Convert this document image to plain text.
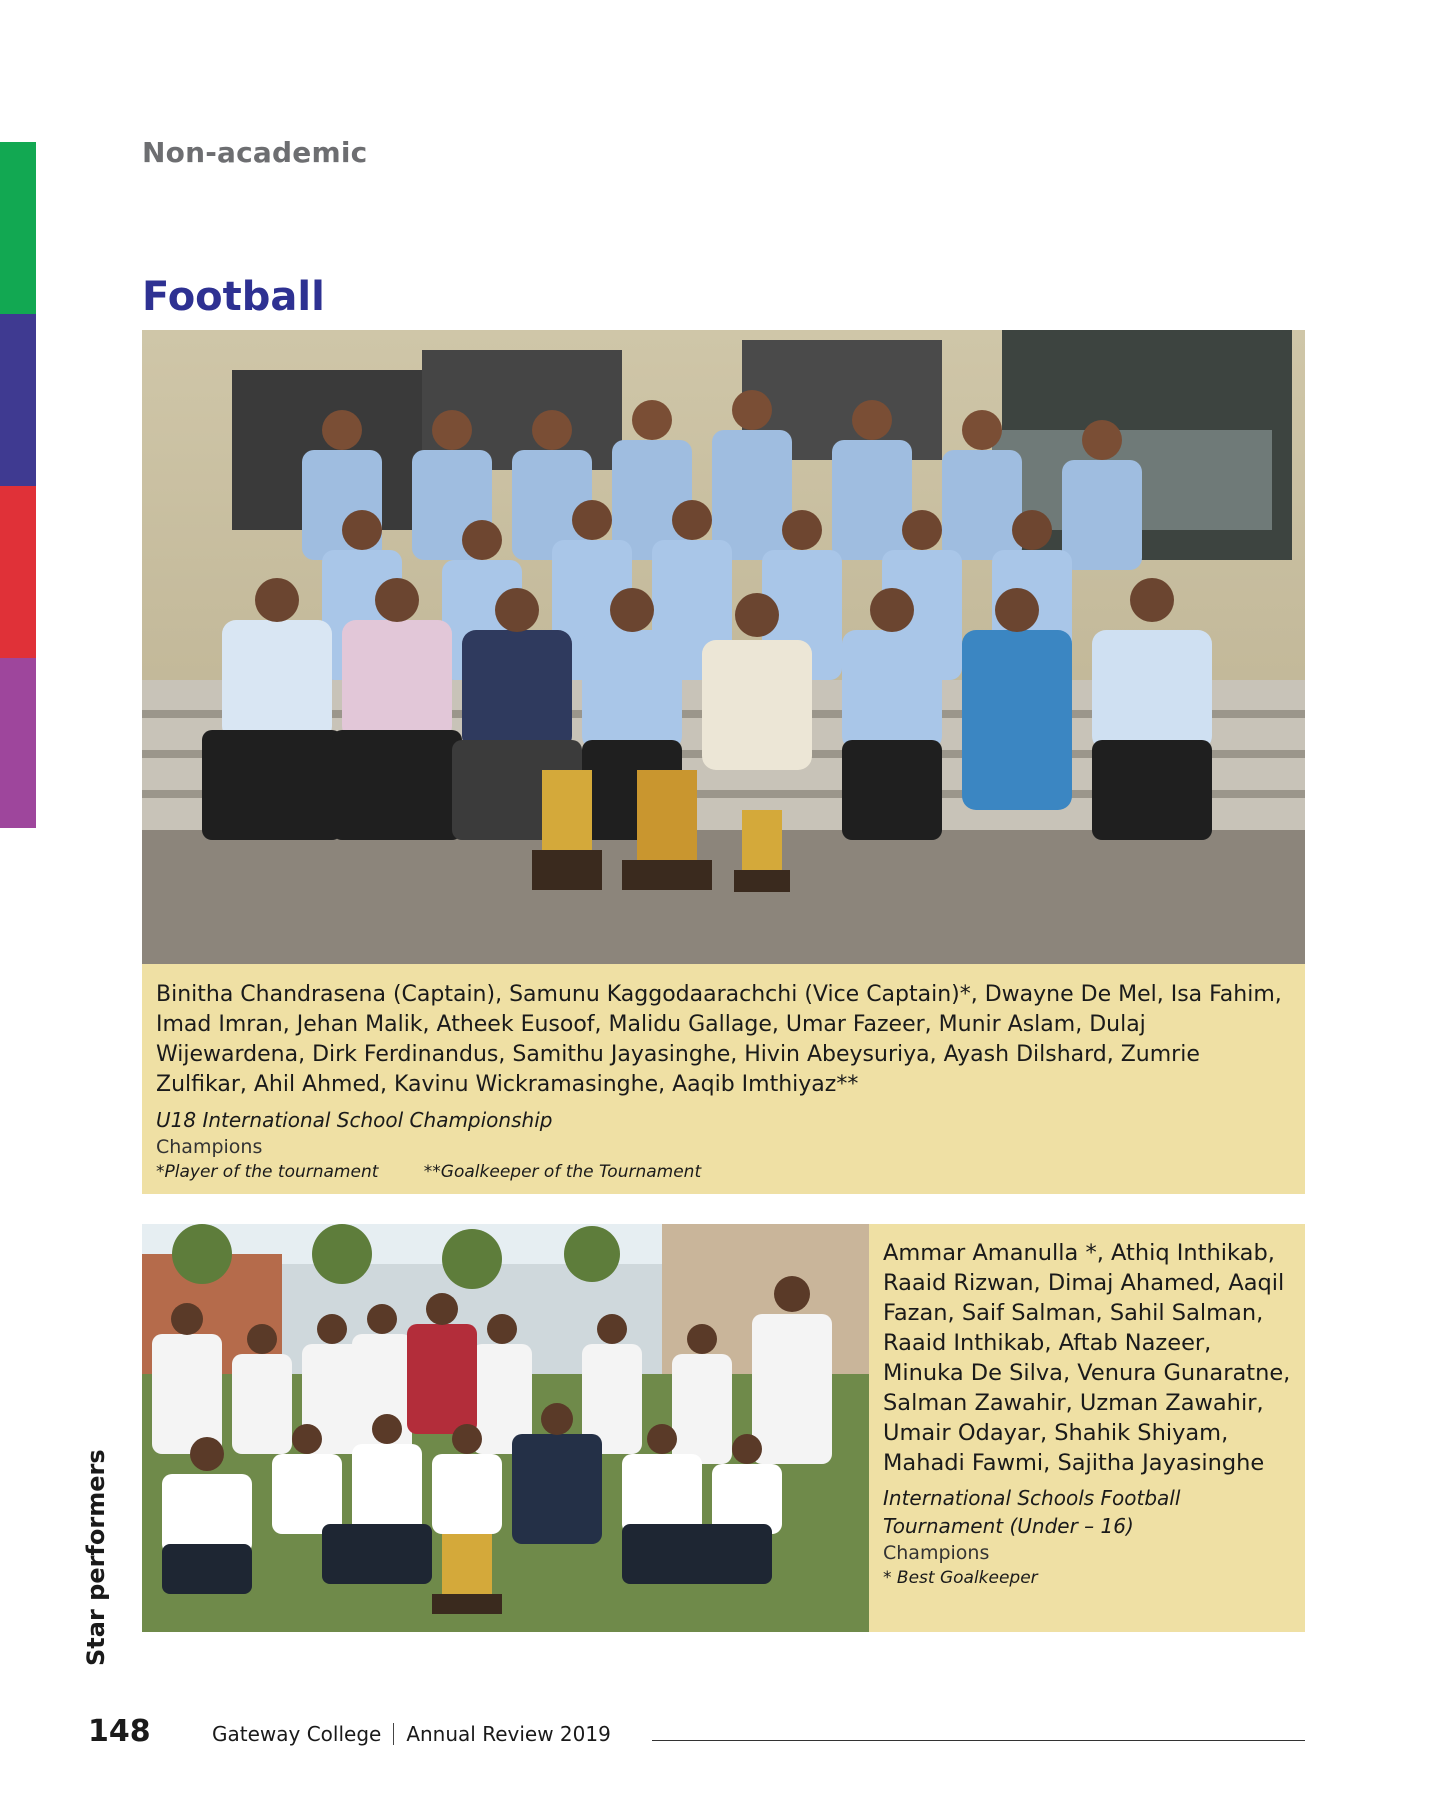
Non-academic
Football
Binitha Chandrasena (Captain), Samunu Kaggodaarachchi (Vice Captain)*, Dwayne De Mel, Isa Fahim, Imad Imran, Jehan Malik, Atheek Eusoof, Malidu Gallage, Umar Fazeer, Munir Aslam, Dulaj Wijewardena, Dirk Ferdinandus, Samithu Jayasinghe, Hivin Abeysuriya, Ayash Dilshard, Zumrie Zulfikar, Ahil Ahmed, Kavinu Wickramasinghe, Aaqib Imthiyaz**
U18 International School Championship
Champions
*Player of the tournament	**Goalkeeper of the Tournament
Ammar Amanulla *, Athiq Inthikab, Raaid Rizwan, Dimaj Ahamed, Aaqil Fazan, Saif Salman, Sahil Salman, Raaid Inthikab, Aftab Nazeer, Minuka De Silva, Venura Gunaratne, Salman Zawahir, Uzman Zawahir, Umair Odayar, Shahik Shiyam, Mahadi Fawmi, Sajitha Jayasinghe
International Schools Football Tournament (Under – 16)
Champions
* Best Goalkeeper
Star performers
148	Gateway College Annual Review 2019
